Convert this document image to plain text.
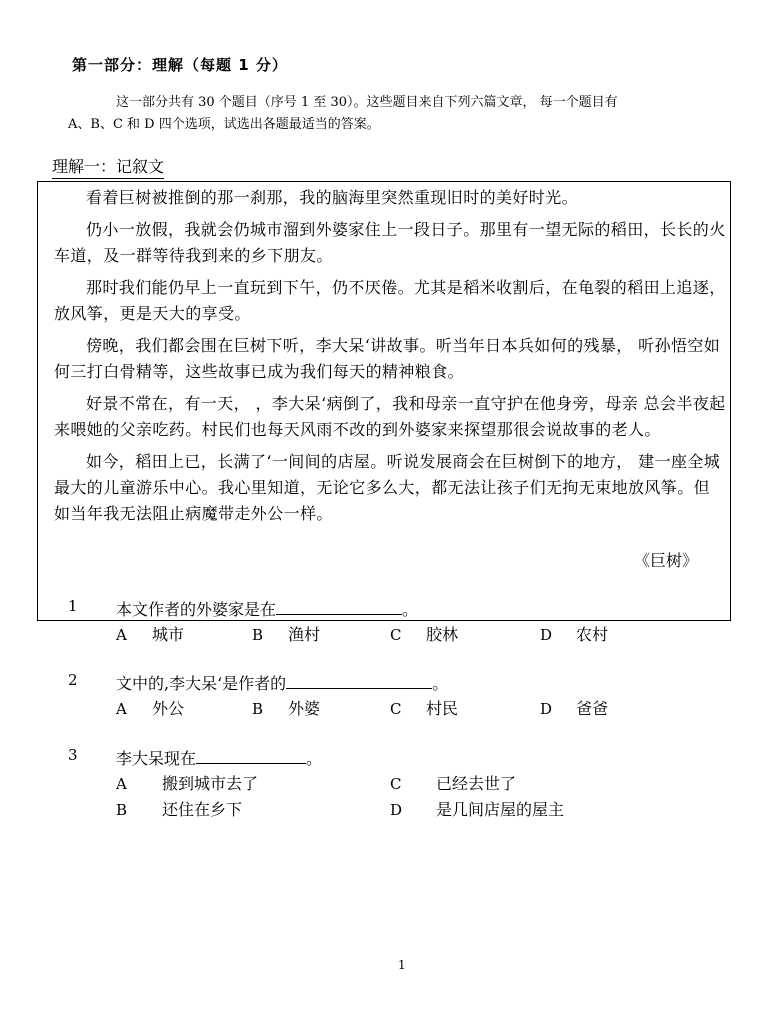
第一部分：理解（每题 1 分）
这一部分共有 30 个题目（序号 1 至 30）。这些题目来自下列六篇文章， 每一个题目有
A、B、C 和 D 四个选项，试选出各题最适当的答案。
理解一：记叙文

看着巨树被推倒的那一刹那，我的脑海里突然重现旧时的美好时光。

仍小一放假，我就会仍城市溜到外婆家住上一段日子。那里有一望无际的稻田，长长的火车道，及一群等待我到来的乡下朋友。

那时我们能仍早上一直玩到下午，仍不厌倦。尤其是稻米收割后，在龟裂的稻田上追逐，放风筝，更是天大的享受。

傍晚，我们都会围在巨树下听，李大呆‘讲故事。听当年日本兵如何的残暴， 听孙悟空如何三打白骨精等，这些故事已成为我们每天的精神粮食。

好景不常在，有一天， ，李大呆‘病倒了，我和母亲一直守护在他身旁，母亲 总会半夜起来喂她的父亲吃药。村民们也每天风雨不改的到外婆家来探望那很会说故事的老人。

如今，稻田上已，长满了‘一间间的店屋。听说发展商会在巨树倒下的地方， 建一座全城最大的儿童游乐中心。我心里知道，无论它多么大，都无法让孩子们无拘无束地放风筝。但如当年我无法阻止病魔带走外公一样。

《巨树》
1	本文作者的外婆家是在	。
A 城市	B 渔村	C 胶林	D 农村
2	文中的,李大呆‘是作者的	。
A 外公	B 外婆	C 村民	D 爸爸
3	李大呆现在	。
A 搬到城市去了	C 已经去世了
B 还住在乡下	D 是几间店屋的屋主
1
